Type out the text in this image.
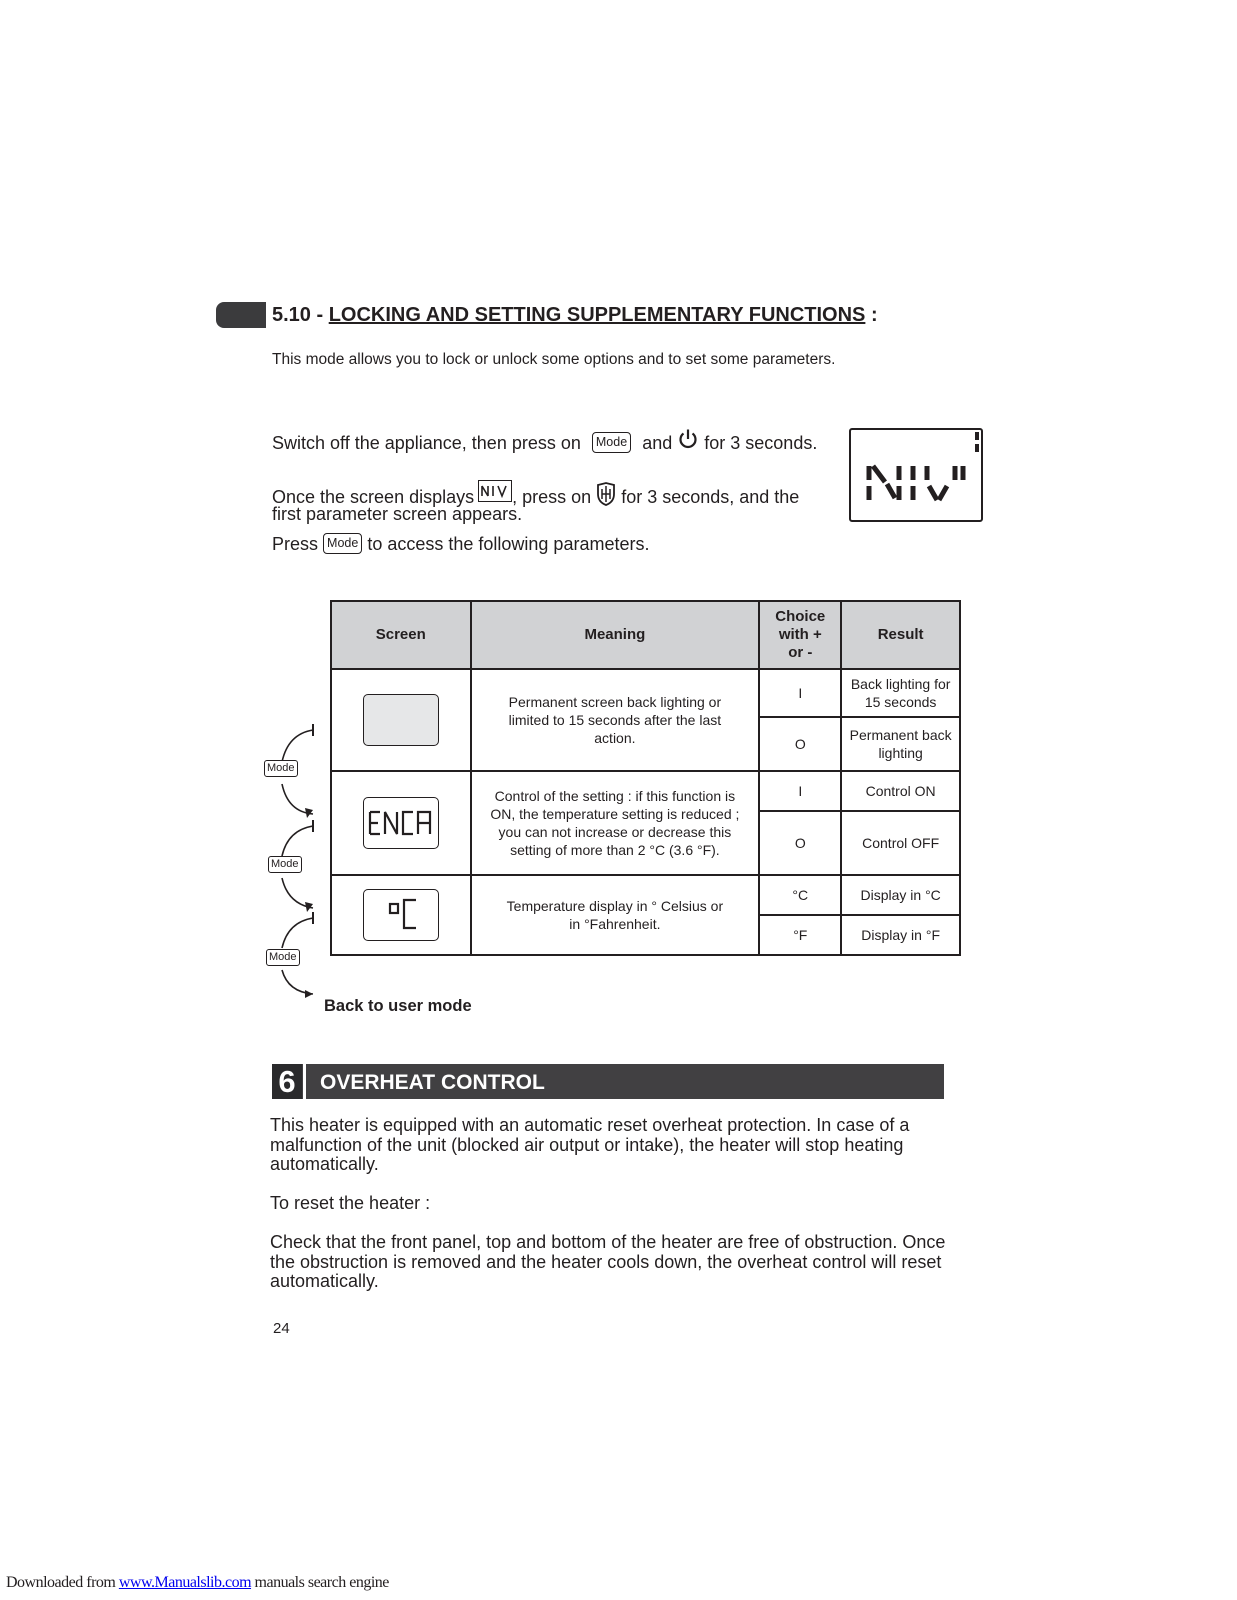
5.10 - LOCKING AND SETTING SUPPLEMENTARY FUNCTIONS :
This mode allows you to lock or unlock some options and to set some parameters.
Switch off the appliance, then press on Mode and for 3 seconds.
Once the screen displays , press on for 3 seconds, and the
first parameter screen appears.
Press Mode to access the following parameters.
Mode
Mode
Mode
Screen	Meaning	Choice with + or -	Result

	Permanent screen back lighting or limited to 15 seconds after the last action.	I	Back lighting for 15 seconds
		O	Permanent back lighting

	Control of the setting : if this function is ON, the temperature setting is reduced ; you can not increase or decrease this setting of more than 2 °C (3.6 °F).	I	Control ON
		O	Control OFF

	Temperature display in ° Celsius or in °Fahrenheit.	°C	Display in °C
		°F	Display in °F
Back to user mode
6	OVERHEAT CONTROL
This heater is equipped with an automatic reset overheat protection. In case of a malfunction of the unit (blocked air output or intake), the heater will stop heating automatically.
To reset the heater :
Check that the front panel, top and bottom of the heater are free of obstruction. Once the obstruction is removed and the heater cools down, the overheat control will reset automatically.
24
Downloaded from www.Manualslib.com manuals search engine
